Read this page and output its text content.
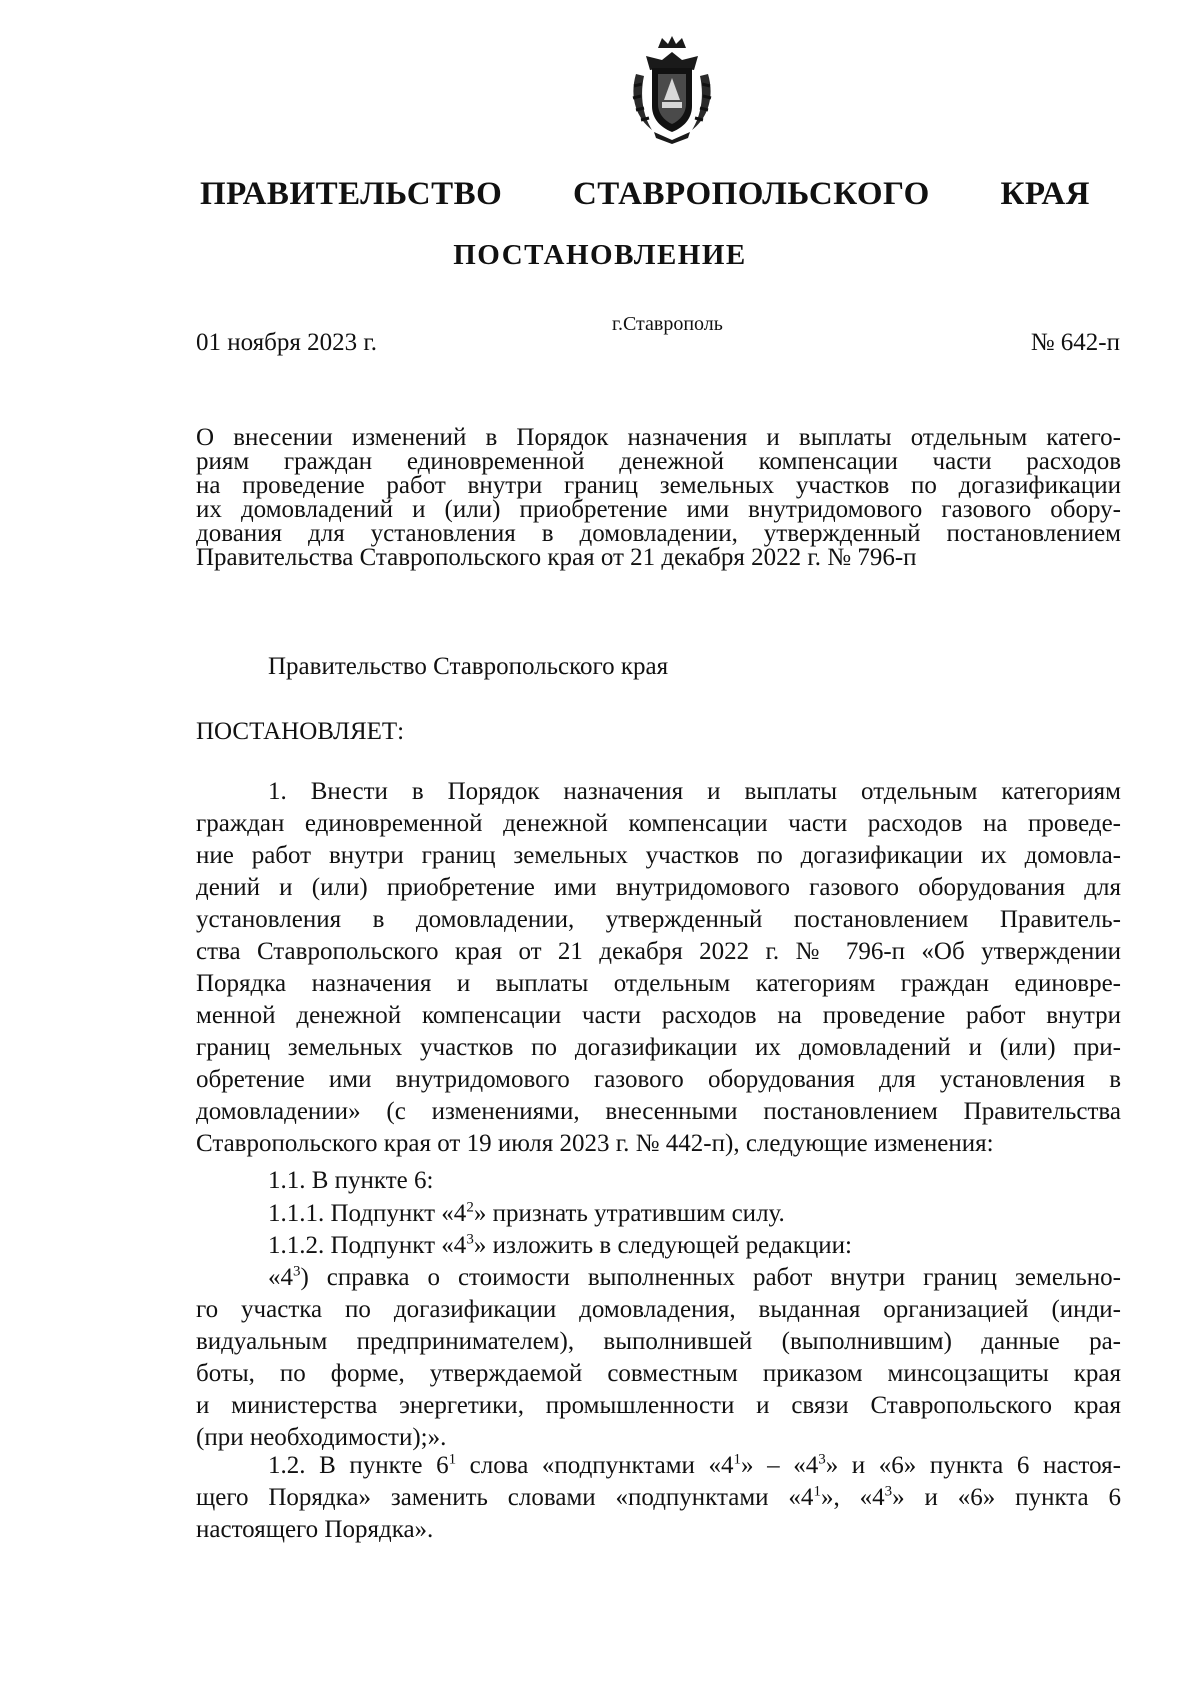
ПРАВИТЕЛЬСТВО СТАВРОПОЛЬСКОГО КРАЯ
ПОСТАНОВЛЕНИЕ
01 ноября 2023 г.
г.Ставрополь
№ 642-п
О внесении изменений в Порядок назначения и выплаты отдельным катего-
риям граждан единовременной денежной компенсации части расходов
на проведение работ внутри границ земельных участков по догазификации
их домовладений и (или) приобретение ими внутридомового газового обору-
дования для установления в домовладении, утвержденный постановлением
Правительства Ставропольского края от 21 декабря 2022 г. № 796-п

Правительство Ставропольского края

ПОСТАНОВЛЯЕТ:

1. Внести в Порядок назначения и выплаты отдельным категориям
граждан единовременной денежной компенсации части расходов на проведе-
ние работ внутри границ земельных участков по догазификации их домовла-
дений и (или) приобретение ими внутридомового газового оборудования для
установления в домовладении, утвержденный постановлением Правитель-
ства Ставропольского края от 21 декабря 2022 г. № 796-п «Об утверждении
Порядка назначения и выплаты отдельным категориям граждан единовре-
менной денежной компенсации части расходов на проведение работ внутри
границ земельных участков по догазификации их домовладений и (или) при-
обретение ими внутридомового газового оборудования для установления в
домовладении» (с изменениями, внесенными постановлением Правительства
Ставропольского края от 19 июля 2023 г. № 442-п), следующие изменения:

1.1. В пункте 6:

1.1.1. Подпункт «$4^2$» признать утратившим силу.

1.1.2. Подпункт «$4^3$» изложить в следующей редакции:

«$4^3$) справка о стоимости выполненных работ внутри границ земельно-
го участка по догазификации домовладения, выданная организацией (инди-
видуальным предпринимателем), выполнившей (выполнившим) данные ра-
боты, по форме, утверждаемой совместным приказом минсоцзащиты края
и министерства энергетики, промышленности и связи Ставропольского края
(при необходимости);».
1.2. В пункте $6^1$ слова «подпунктами «$4^1$» – «$4^3$» и «6» пункта 6 настоя-
щего Порядка» заменить словами «подпунктами «$4^1$», «$4^3$» и «6» пункта 6
настоящего Порядка».
